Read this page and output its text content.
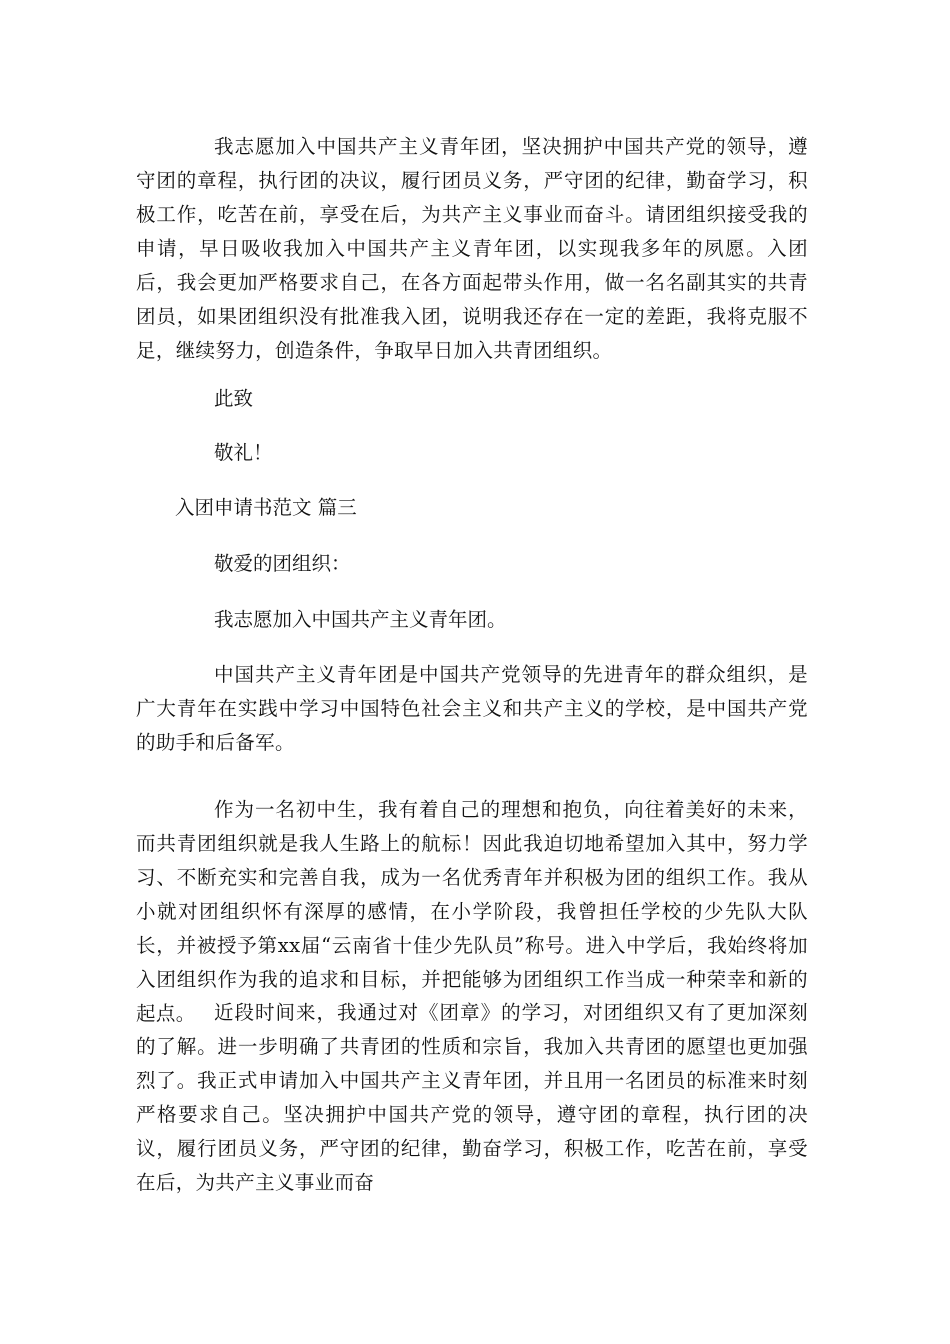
我志愿加入中国共产主义青年团，坚决拥护中国共产党的领导，遵守团的章程，执行团的决议，履行团员义务，严守团的纪律，勤奋学习，积极工作，吃苦在前，享受在后，为共产主义事业而奋斗。请团组织接受我的申请，早日吸收我加入中国共产主义青年团，以实现我多年的夙愿。入团后，我会更加严格要求自己，在各方面起带头作用，做一名名副其实的共青团员，如果团组织没有批准我入团，说明我还存在一定的差距，我将克服不足，继续努力，创造条件，争取早日加入共青团组织。

此致

敬礼！

入团申请书范文 篇三

敬爱的团组织：

我志愿加入中国共产主义青年团。

中国共产主义青年团是中国共产党领导的先进青年的群众组织，是广大青年在实践中学习中国特色社会主义和共产主义的学校，是中国共产党的助手和后备军。

作为一名初中生，我有着自己的理想和抱负，向往着美好的未来，而共青团组织就是我人生路上的航标！因此我迫切地希望加入其中，努力学习、不断充实和完善自我，成为一名优秀青年并积极为团的组织工作。我从小就对团组织怀有深厚的感情，在小学阶段，我曾担任学校的少先队大队长，并被授予第xx届“云南省十佳少先队员”称号。进入中学后，我始终将加入团组织作为我的追求和目标，并把能够为团组织工作当成一种荣幸和新的起点。 近段时间来，我通过对《团章》的学习，对团组织又有了更加深刻的了解。进一步明确了共青团的性质和宗旨，我加入共青团的愿望也更加强烈了。我正式申请加入中国共产主义青年团，并且用一名团员的标准来时刻严格要求自己。坚决拥护中国共产党的领导，遵守团的章程，执行团的决议，履行团员义务，严守团的纪律，勤奋学习，积极工作，吃苦在前，享受在后，为共产主义事业而奋
